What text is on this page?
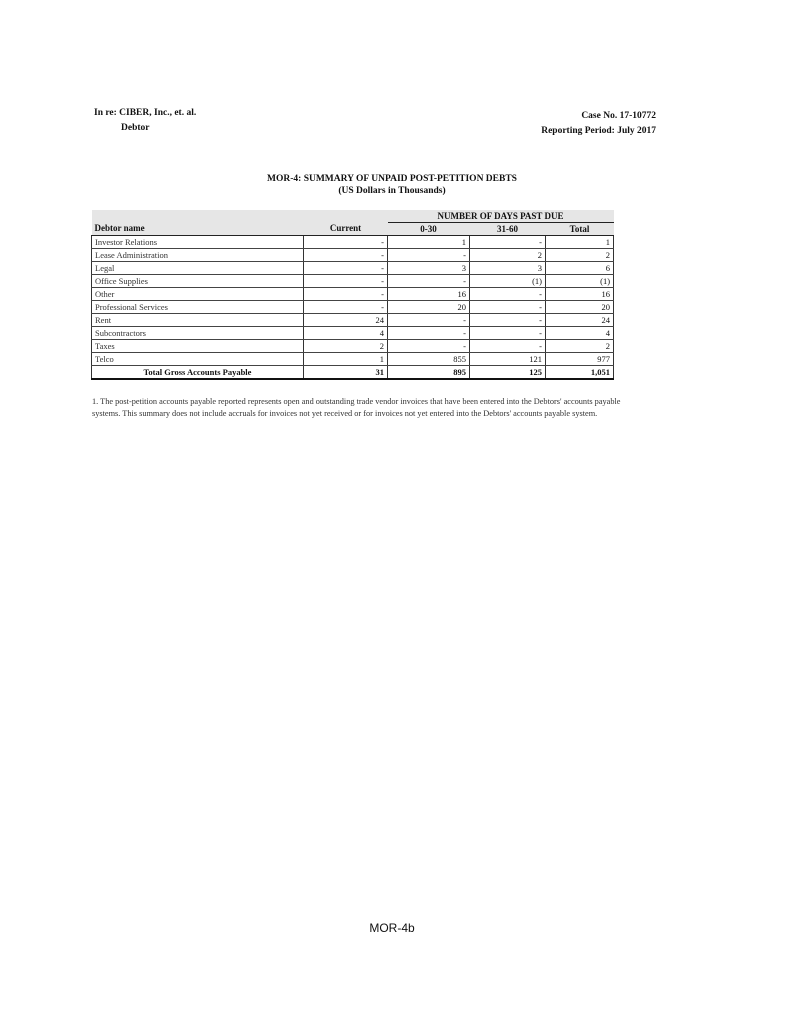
In re: CIBER, Inc., et. al.
Debtor
Case No. 17-10772
Reporting Period: July 2017
MOR-4: SUMMARY OF UNPAID POST-PETITION DEBTS
(US Dollars in Thousands)
		NUMBER OF DAYS PAST DUE		
Debtor name	Current	0-30	31-60	Total
Investor Relations	-	1	-	1
Lease Administration	-	-	2	2
Legal	-	3	3	6
Office Supplies	-	-	(1)	(1)
Other	-	16	-	16
Professional Services	-	20	-	20
Rent	24	-	-	24
Subcontractors	4	-	-	4
Taxes	2	-	-	2
Telco	1	855	121	977
Total Gross Accounts Payable	31	895	125	1,051
1. The post-petition accounts payable reported represents open and outstanding trade vendor invoices that have been entered into the Debtors' accounts payable systems. This summary does not include accruals for invoices not yet received or for invoices not yet entered into the Debtors' accounts payable system.
MOR-4b
